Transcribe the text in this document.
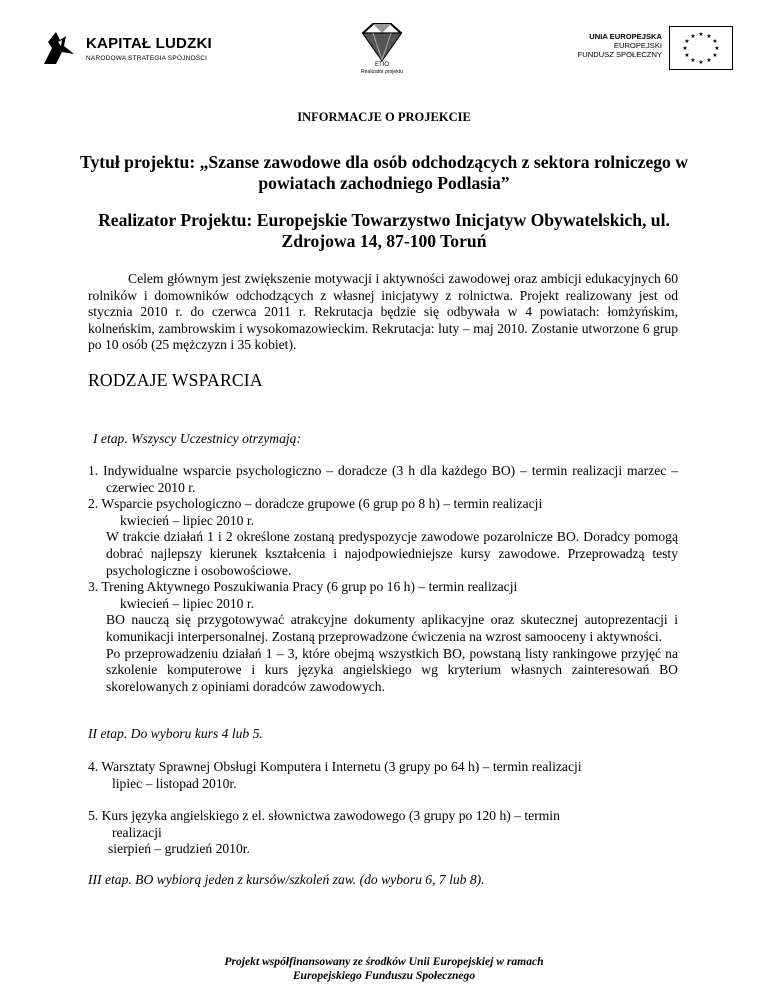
KAPITAŁ LUDZKI
NARODOWA STRATEGIA SPÓJNOŚCI
ETIO
Realizator projektu
UNIA EUROPEJSKA
EUROPEJSKI
FUNDUSZ SPOŁECZNY
★ ★
★
★
★
★
★
★
★
★
★
★
INFORMACJE O PROJEKCIE
Tytuł projektu: „Szanse zawodowe dla osób odchodzących z sektora rolniczego w powiatach zachodniego Podlasia”
Realizator Projektu: Europejskie Towarzystwo Inicjatyw Obywatelskich, ul. Zdrojowa 14, 87-100 Toruń
Celem głównym jest zwiększenie motywacji i aktywności zawodowej oraz ambicji edukacyjnych 60 rolników i domowników odchodzących z własnej inicjatywy z rolnictwa. Projekt realizowany jest od stycznia 2010 r. do czerwca 2011 r. Rekrutacja będzie się odbywała w 4 powiatach: łomżyńskim, kolneńskim, zambrowskim i wysokomazowieckim. Rekrutacja: luty – maj 2010. Zostanie utworzone 6 grup po 10 osób (25 mężczyzn i 35 kobiet).
RODZAJE WSPARCIA
I etap. Wszyscy Uczestnicy otrzymają:
1. Indywidualne wsparcie psychologiczno – doradcze (3 h dla każdego BO) – termin realizacji marzec – czerwiec 2010 r.
2. Wsparcie psychologiczno – doradcze grupowe (6 grup po 8 h) – termin realizacji
kwiecień – lipiec 2010 r.
W trakcie działań 1 i 2 określone zostaną predyspozycje zawodowe pozarolnicze BO. Doradcy pomogą dobrać najlepszy kierunek kształcenia i najodpowiedniejsze kursy zawodowe. Przeprowadzą testy psychologiczne i osobowościowe.
3. Trening Aktywnego Poszukiwania Pracy (6 grup po 16 h) – termin realizacji
kwiecień – lipiec 2010 r.
BO nauczą się przygotowywać atrakcyjne dokumenty aplikacyjne oraz skutecznej autoprezentacji i komunikacji interpersonalnej. Zostaną przeprowadzone ćwiczenia na wzrost samooceny i aktywności.
Po przeprowadzeniu działań 1 – 3, które obejmą wszystkich BO, powstaną listy rankingowe przyjęć na szkolenie komputerowe i kurs języka angielskiego wg kryterium własnych zainteresowań BO skorelowanych z opiniami doradców zawodowych.
II etap. Do wyboru kurs 4 lub 5.
4. Warsztaty Sprawnej Obsługi Komputera i Internetu (3 grupy po 64 h) – termin realizacji
lipiec – listopad 2010r.
5. Kurs języka angielskiego z el. słownictwa zawodowego (3 grupy po 120 h) – termin
realizacji
sierpień – grudzień 2010r.
III etap. BO wybiorą jeden z kursów/szkoleń zaw. (do wyboru 6, 7 lub 8).
Projekt współfinansowany ze środków Unii Europejskiej w ramach
Europejskiego Funduszu Społecznego
